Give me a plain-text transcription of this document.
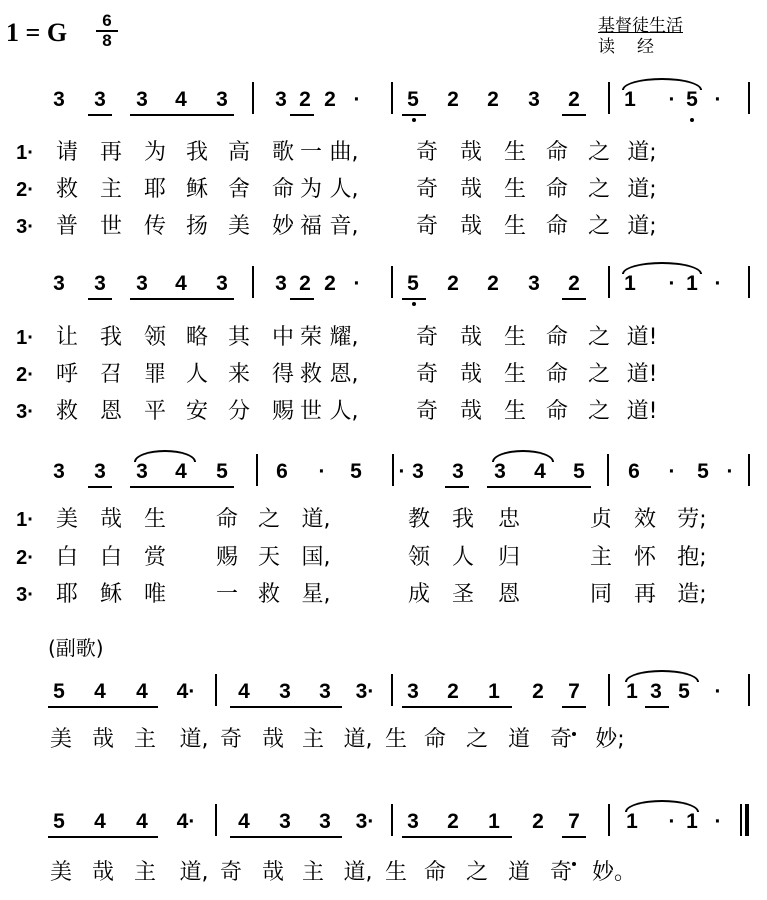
1 = G $\frac{6}{8}$	基督徒生活
读经
3 3 3 4 3 3 2 2 ·	5 2 2 3 2 1	· 5 ·
3 3 3 4 3 3 2 2 ·	5 2 2 3 2 1	· 1 ·
3 3 3 4 5 6	·	5	· 3 3 3 4 5 6	·	5 ·
5 4 4 4· 4 3 3 3· 3 2 1 2 7 1 3 5	·
5 4 4 4· 4 3 3 3· 3 2 1 2 7 1	· 1 ·
1· 请 再 为 我 高 歌 一 曲,	奇 哉 生 命 之 道;
2· 救 主 耶 稣 舍 命 为 人,	奇 哉 生 命 之 道;
3· 普 世 传 扬 美 妙 福 音,	奇 哉 生 命 之 道;
1· 让 我 领 略 其 中 荣 耀,	奇 哉 生 命 之 道!
2· 呼 召 罪 人 来 得 救 恩,	奇 哉 生 命 之 道!
3· 救 恩 平 安 分 赐 世 人,	奇 哉 生 命 之 道!
1· 美 哉 生 命 之 道,	教 我 忠	贞 效 劳;
2· 白 白 赏 赐 天 国,	领 人 归	主 怀 抱;
3· 耶 稣 唯 一 救 星,	成 圣 恩	同 再 造;
美 哉 主 道, 奇 哉 主 道, 生 命 之 道 奇 妙;
美 哉 主 道, 奇 哉 主 道, 生 命 之 道 奇 妙。
(副歌)
